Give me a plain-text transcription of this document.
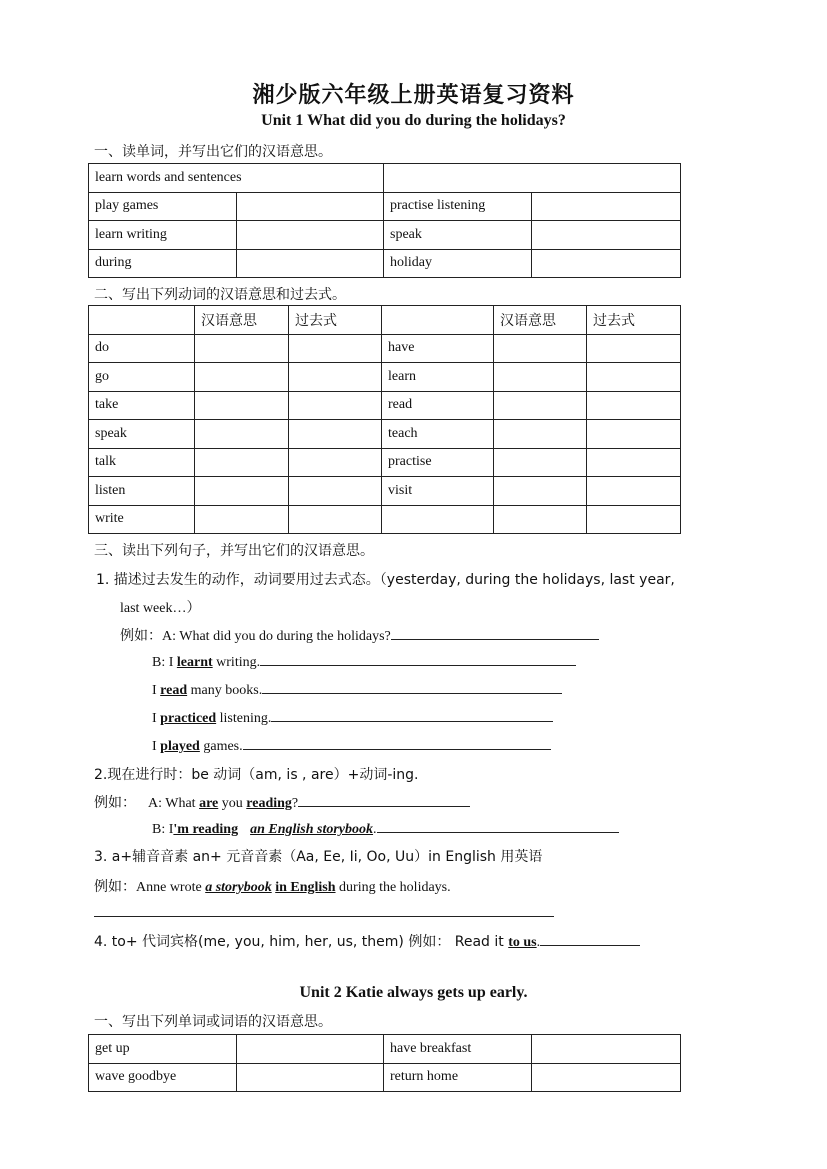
湘少版六年级上册英语复习资料
Unit 1 What did you do during the holidays?
一、读单词，并写出它们的汉语意思。
learn words and sentences			
play games		practise listening	
learn writing		speak	
during		holiday	
二、写出下列动词的汉语意思和过去式。
	汉语意思	过去式		汉语意思	过去式
do			have		
go			learn		
take			read		
speak			teach		
talk			practise		
listen			visit		
write					
三、读出下列句子，并写出它们的汉语意思。
1. 描述过去发生的动作，动词要用过去式态。（yesterday, during the holidays, last year,
last week…）
例如：A: What did you do during the holidays?
B: I learnt writing.
I read many books.
I practiced listening.
I played games.
2.现在进行时：be 动词（am, is , are）+动词-ing.
例如： A: What are you reading?
B: I'm reading an English storybook.
3. a+辅音音素 an+ 元音音素（Aa, Ee, Ii, Oo, Uu）in English 用英语
例如：Anne wrote a storybook in English during the holidays.
4. to+ 代词宾格(me, you, him, her, us, them) 例如： Read it to us.
Unit 2 Katie always gets up early.
一、写出下列单词或词语的汉语意思。
get up		have breakfast	
wave goodbye		return home	
